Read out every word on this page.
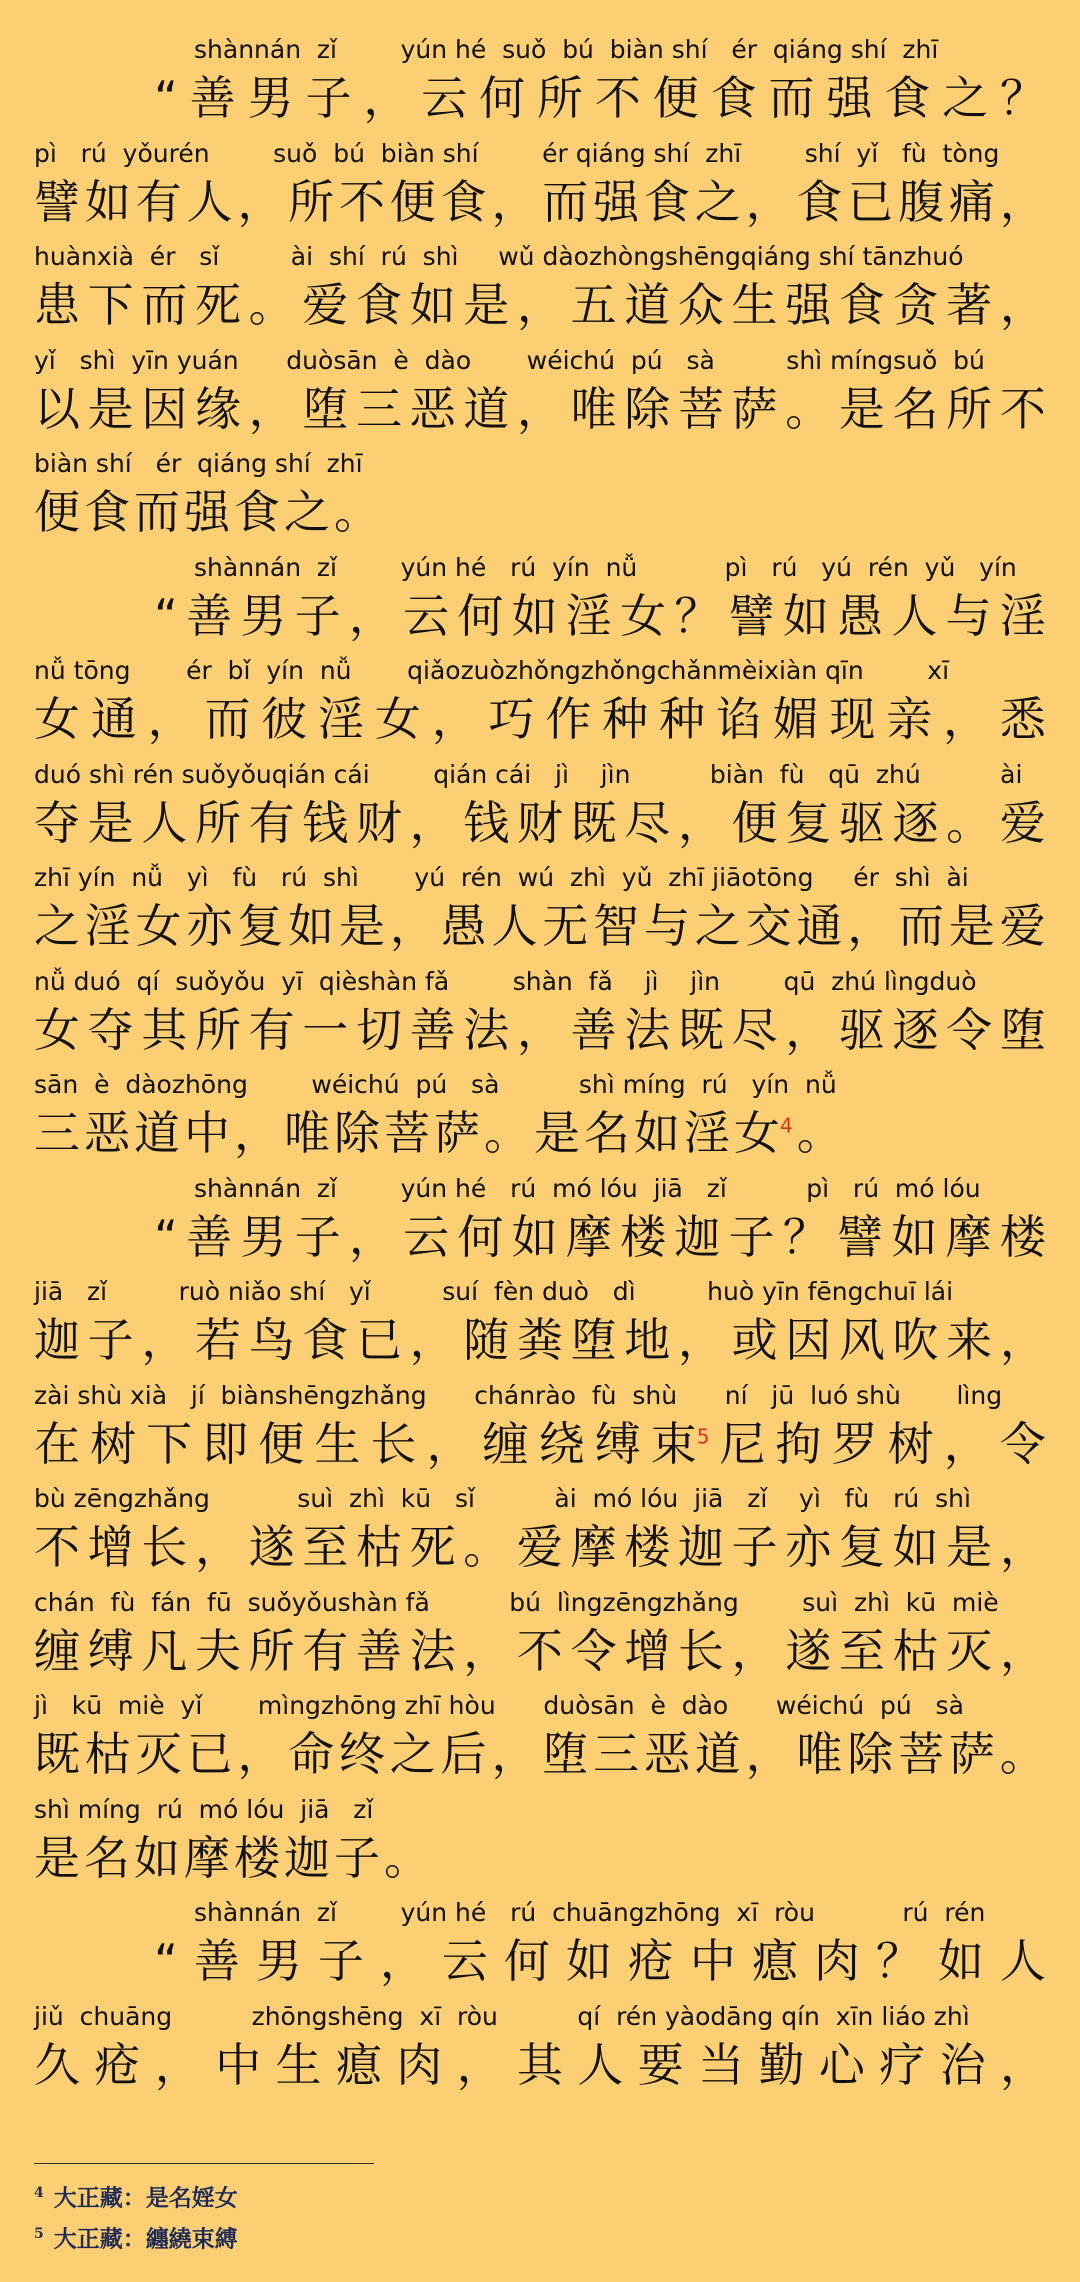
shànnán  zǐ        yún hé  suǒ  bú  biàn shí   ér  qiáng shí  zhī
“ 善 男 子 ， 云 何 所 不 便 食 而 强 食 之 ？
pì   rú  yǒurén        suǒ  bú  biàn shí        ér qiáng shí  zhī        shí  yǐ   fù  tòng
譬 如 有 人 ， 所 不 便 食 ， 而 强 食 之 ， 食 已 腹 痛 ，
huànxià  ér   sǐ         ài  shí  rú  shì     wǔ dàozhòngshēngqiáng shí tānzhuó
患 下 而 死 。 爱 食 如 是 ， 五 道 众 生 强 食 贪 著 ，
yǐ   shì  yīn yuán      duòsān  è  dào       wéichú  pú   sà         shì míngsuǒ  bú
以 是 因 缘 ， 堕 三 恶 道 ， 唯 除 菩 萨 。 是 名 所 不
biàn shí   ér  qiáng shí  zhī
便 食 而 强 食 之 。
shànnán  zǐ        yún hé   rú  yín  nǚ           pì   rú   yú  rén  yǔ   yín
“ 善 男 子 ， 云 何 如 淫 女 ？ 譬 如 愚 人 与 淫
nǚ tōng       ér  bǐ  yín  nǚ       qiǎozuòzhǒngzhǒngchǎnmèixiàn qīn        xī
女 通 ， 而 彼 淫 女 ， 巧 作 种 种 谄 媚 现 亲 ， 悉
duó shì rén suǒyǒuqián cái        qián cái   jì    jìn          biàn  fù   qū  zhú          ài
夺 是 人 所 有 钱 财 ， 钱 财 既 尽 ， 便 复 驱 逐 。 爱
zhī yín  nǚ   yì   fù   rú  shì       yú  rén  wú  zhì  yǔ  zhī jiāotōng     ér  shì  ài
之 淫 女 亦 复 如 是 ， 愚 人 无 智 与 之 交 通 ， 而 是 爱
nǚ duó  qí  suǒyǒu  yī  qièshàn fǎ        shàn  fǎ    jì    jìn        qū  zhú lìngduò
女 夺 其 所 有 一 切 善 法 ， 善 法 既 尽 ， 驱 逐 令 堕
sān  è  dàozhōng        wéichú  pú   sà          shì míng  rú   yín  nǚ
三 恶 道 中 ， 唯 除 菩 萨 。 是 名 如 淫 女$^4$ 。
shànnán  zǐ        yún hé   rú  mó lóu  jiā   zǐ          pì   rú  mó lóu
“ 善 男 子 ， 云 何 如 摩 楼 迦 子 ？ 譬 如 摩 楼
jiā   zǐ         ruò niǎo shí   yǐ         suí  fèn duò   dì         huò yīn fēngchuī lái
迦 子 ， 若 鸟 食 已 ， 随 粪 堕 地 ， 或 因 风 吹 来 ，
zài shù xià   jí  biànshēngzhǎng      chánrào  fù  shù      ní   jū  luó shù       lìng
在 树 下 即 便 生 长 ， 缠 绕 缚 束$^5$ 尼 拘 罗 树 ， 令
bù zēngzhǎng           suì  zhì  kū   sǐ          ài  mó lóu  jiā   zǐ    yì   fù   rú  shì
不 增 长 ， 遂 至 枯 死 。 爱 摩 楼 迦 子 亦 复 如 是 ，
chán  fù  fán  fū  suǒyǒushàn fǎ          bú  lìngzēngzhǎng        suì  zhì  kū  miè
缠 缚 凡 夫 所 有 善 法 ， 不 令 增 长 ， 遂 至 枯 灭 ，
jì   kū  miè  yǐ       mìngzhōng zhī hòu      duòsān  è  dào      wéichú  pú   sà
既 枯 灭 已 ， 命 终 之 后 ， 堕 三 恶 道 ， 唯 除 菩 萨 。
shì míng  rú  mó lóu  jiā   zǐ
是 名 如 摩 楼 迦 子 。
shànnán  zǐ        yún hé   rú  chuāngzhōng  xī  ròu           rú  rén
“ 善 男 子 ， 云 何 如 疮 中 瘜 肉 ？ 如 人
jiǔ  chuāng          zhōngshēng  xī  ròu          qí  rén yàodāng qín  xīn liáo zhì
久 疮 ， 中 生 瘜 肉 ， 其 人 要 当 勤 心 疗 治 ，
$^4$ 大正藏：是名婬女
$^5$ 大正藏：纏繞束縛
